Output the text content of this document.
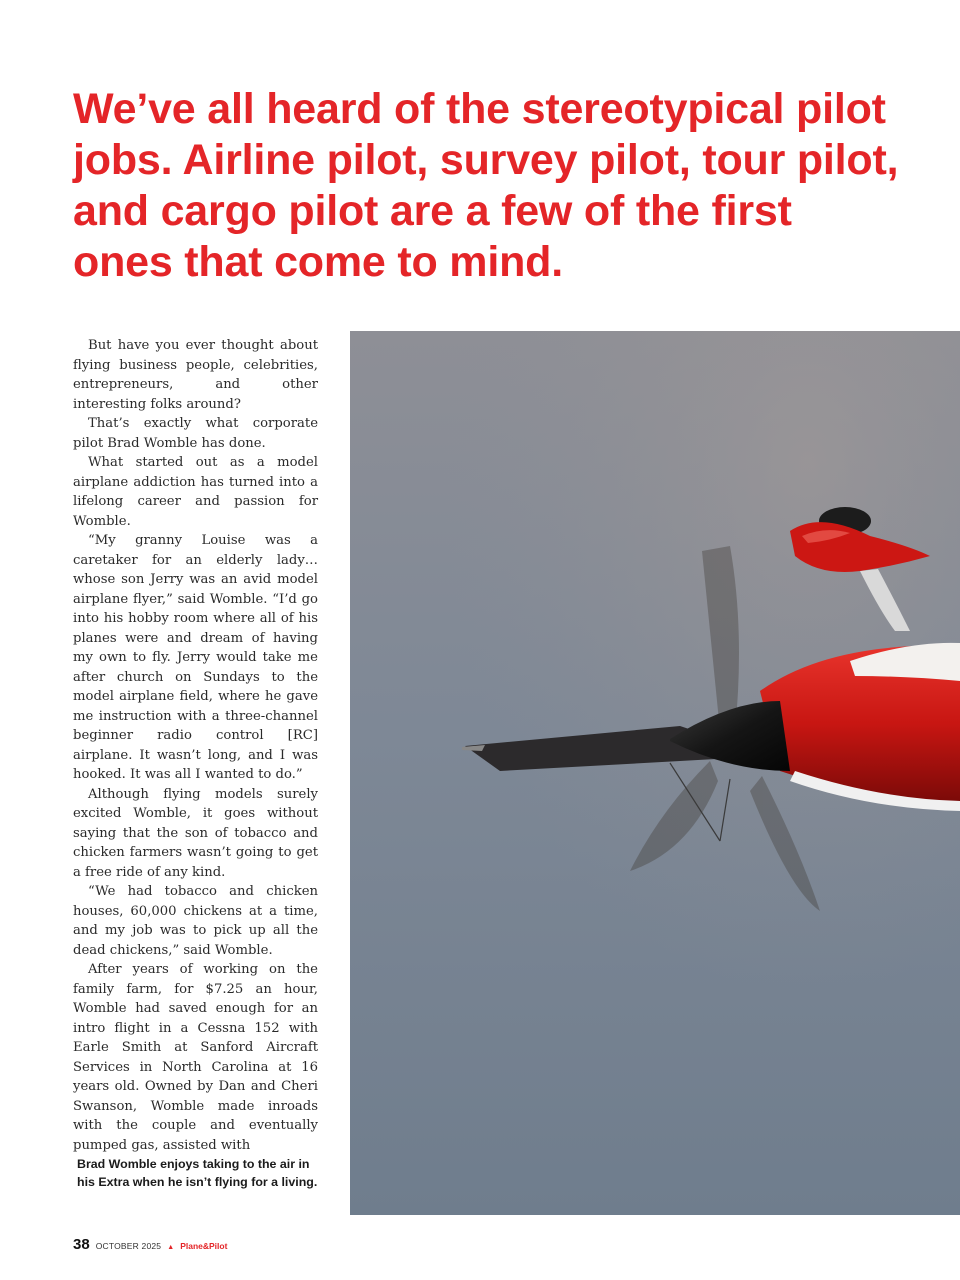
We’ve all heard of the stereotypical pilot jobs. Airline pilot, survey pilot, tour pilot, and cargo pilot are a few of the first ones that come to mind.

But have you ever thought about flying business people, celebrities, entrepreneurs, and other interesting folks around?

That’s exactly what corporate pilot Brad Womble has done.

What started out as a model airplane addiction has turned into a lifelong career and passion for Womble.

“My granny Louise was a caretaker for an elderly lady…whose son Jerry was an avid model airplane flyer,” said Womble. “I’d go into his hobby room where all of his planes were and dream of having my own to fly. Jerry would take me after church on Sundays to the model airplane field, where he gave me instruction with a three-channel beginner radio control [RC] airplane. It wasn’t long, and I was hooked. It was all I wanted to do.”

Although flying models surely excited Womble, it goes without saying that the son of tobacco and chicken farmers wasn’t going to get a free ride of any kind.

“We had tobacco and chicken houses, 60,000 chickens at a time, and my job was to pick up all the dead chickens,” said Womble.

After years of working on the family farm, for $7.25 an hour, Womble had saved enough for an intro flight in a Cessna 152 with Earle Smith at Sanford Aircraft Services in North Carolina at 16 years old. Owned by Dan and Cheri Swanson, Womble made inroads with the couple and eventually pumped gas, assisted with

Brad Womble enjoys taking to the air in his Extra when he isn’t flying for a living.
38 OCTOBER 2025 ▲ Plane&Pilot
